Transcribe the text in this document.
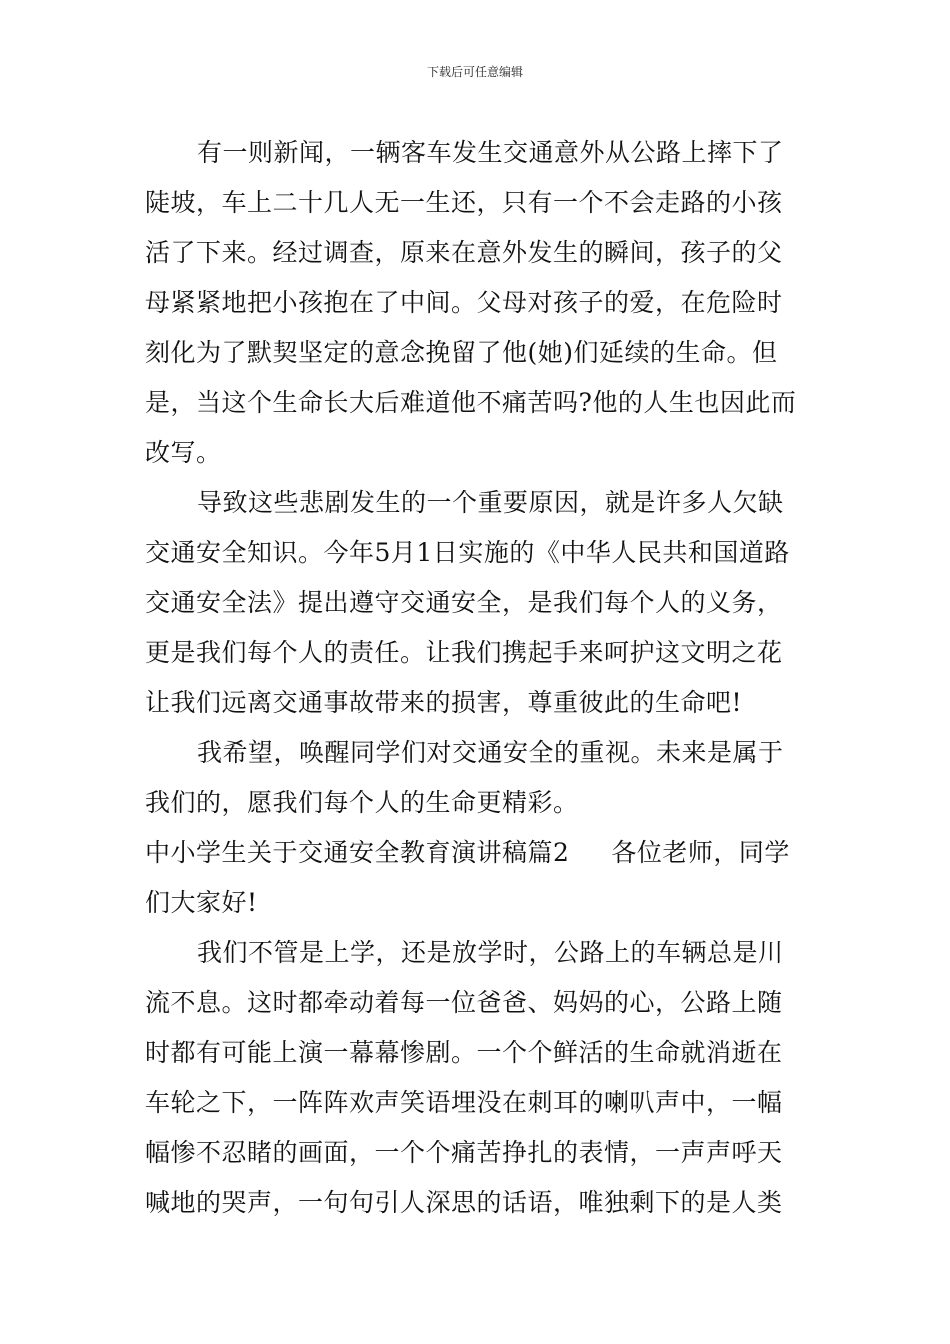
下载后可任意编辑
有一则新闻，一辆客车发生交通意外从公路上摔下了
陡坡，车上二十几人无一生还，只有一个不会走路的小孩
活了下来。经过调查，原来在意外发生的瞬间，孩子的父
母紧紧地把小孩抱在了中间。父母对孩子的爱，在危险时
刻化为了默契坚定的意念挽留了他(她)们延续的生命。但
是，当这个生命长大后难道他不痛苦吗?他的人生也因此而
改写。
导致这些悲剧发生的一个重要原因，就是许多人欠缺
交通安全知识。今年5月1日实施的《中华人民共和国道路
交通安全法》提出遵守交通安全，是我们每个人的义务，
更是我们每个人的责任。让我们携起手来呵护这文明之花
让我们远离交通事故带来的损害，尊重彼此的生命吧!
我希望，唤醒同学们对交通安全的重视。未来是属于
我们的，愿我们每个人的生命更精彩。
中小学生关于交通安全教育演讲稿篇2 各位老师，同学
们大家好!
我们不管是上学，还是放学时，公路上的车辆总是川
流不息。这时都牵动着每一位爸爸、妈妈的心，公路上随
时都有可能上演一幕幕惨剧。一个个鲜活的生命就消逝在
车轮之下，一阵阵欢声笑语埋没在刺耳的喇叭声中，一幅
幅惨不忍睹的画面，一个个痛苦挣扎的表情，一声声呼天
喊地的哭声，一句句引人深思的话语，唯独剩下的是人类
